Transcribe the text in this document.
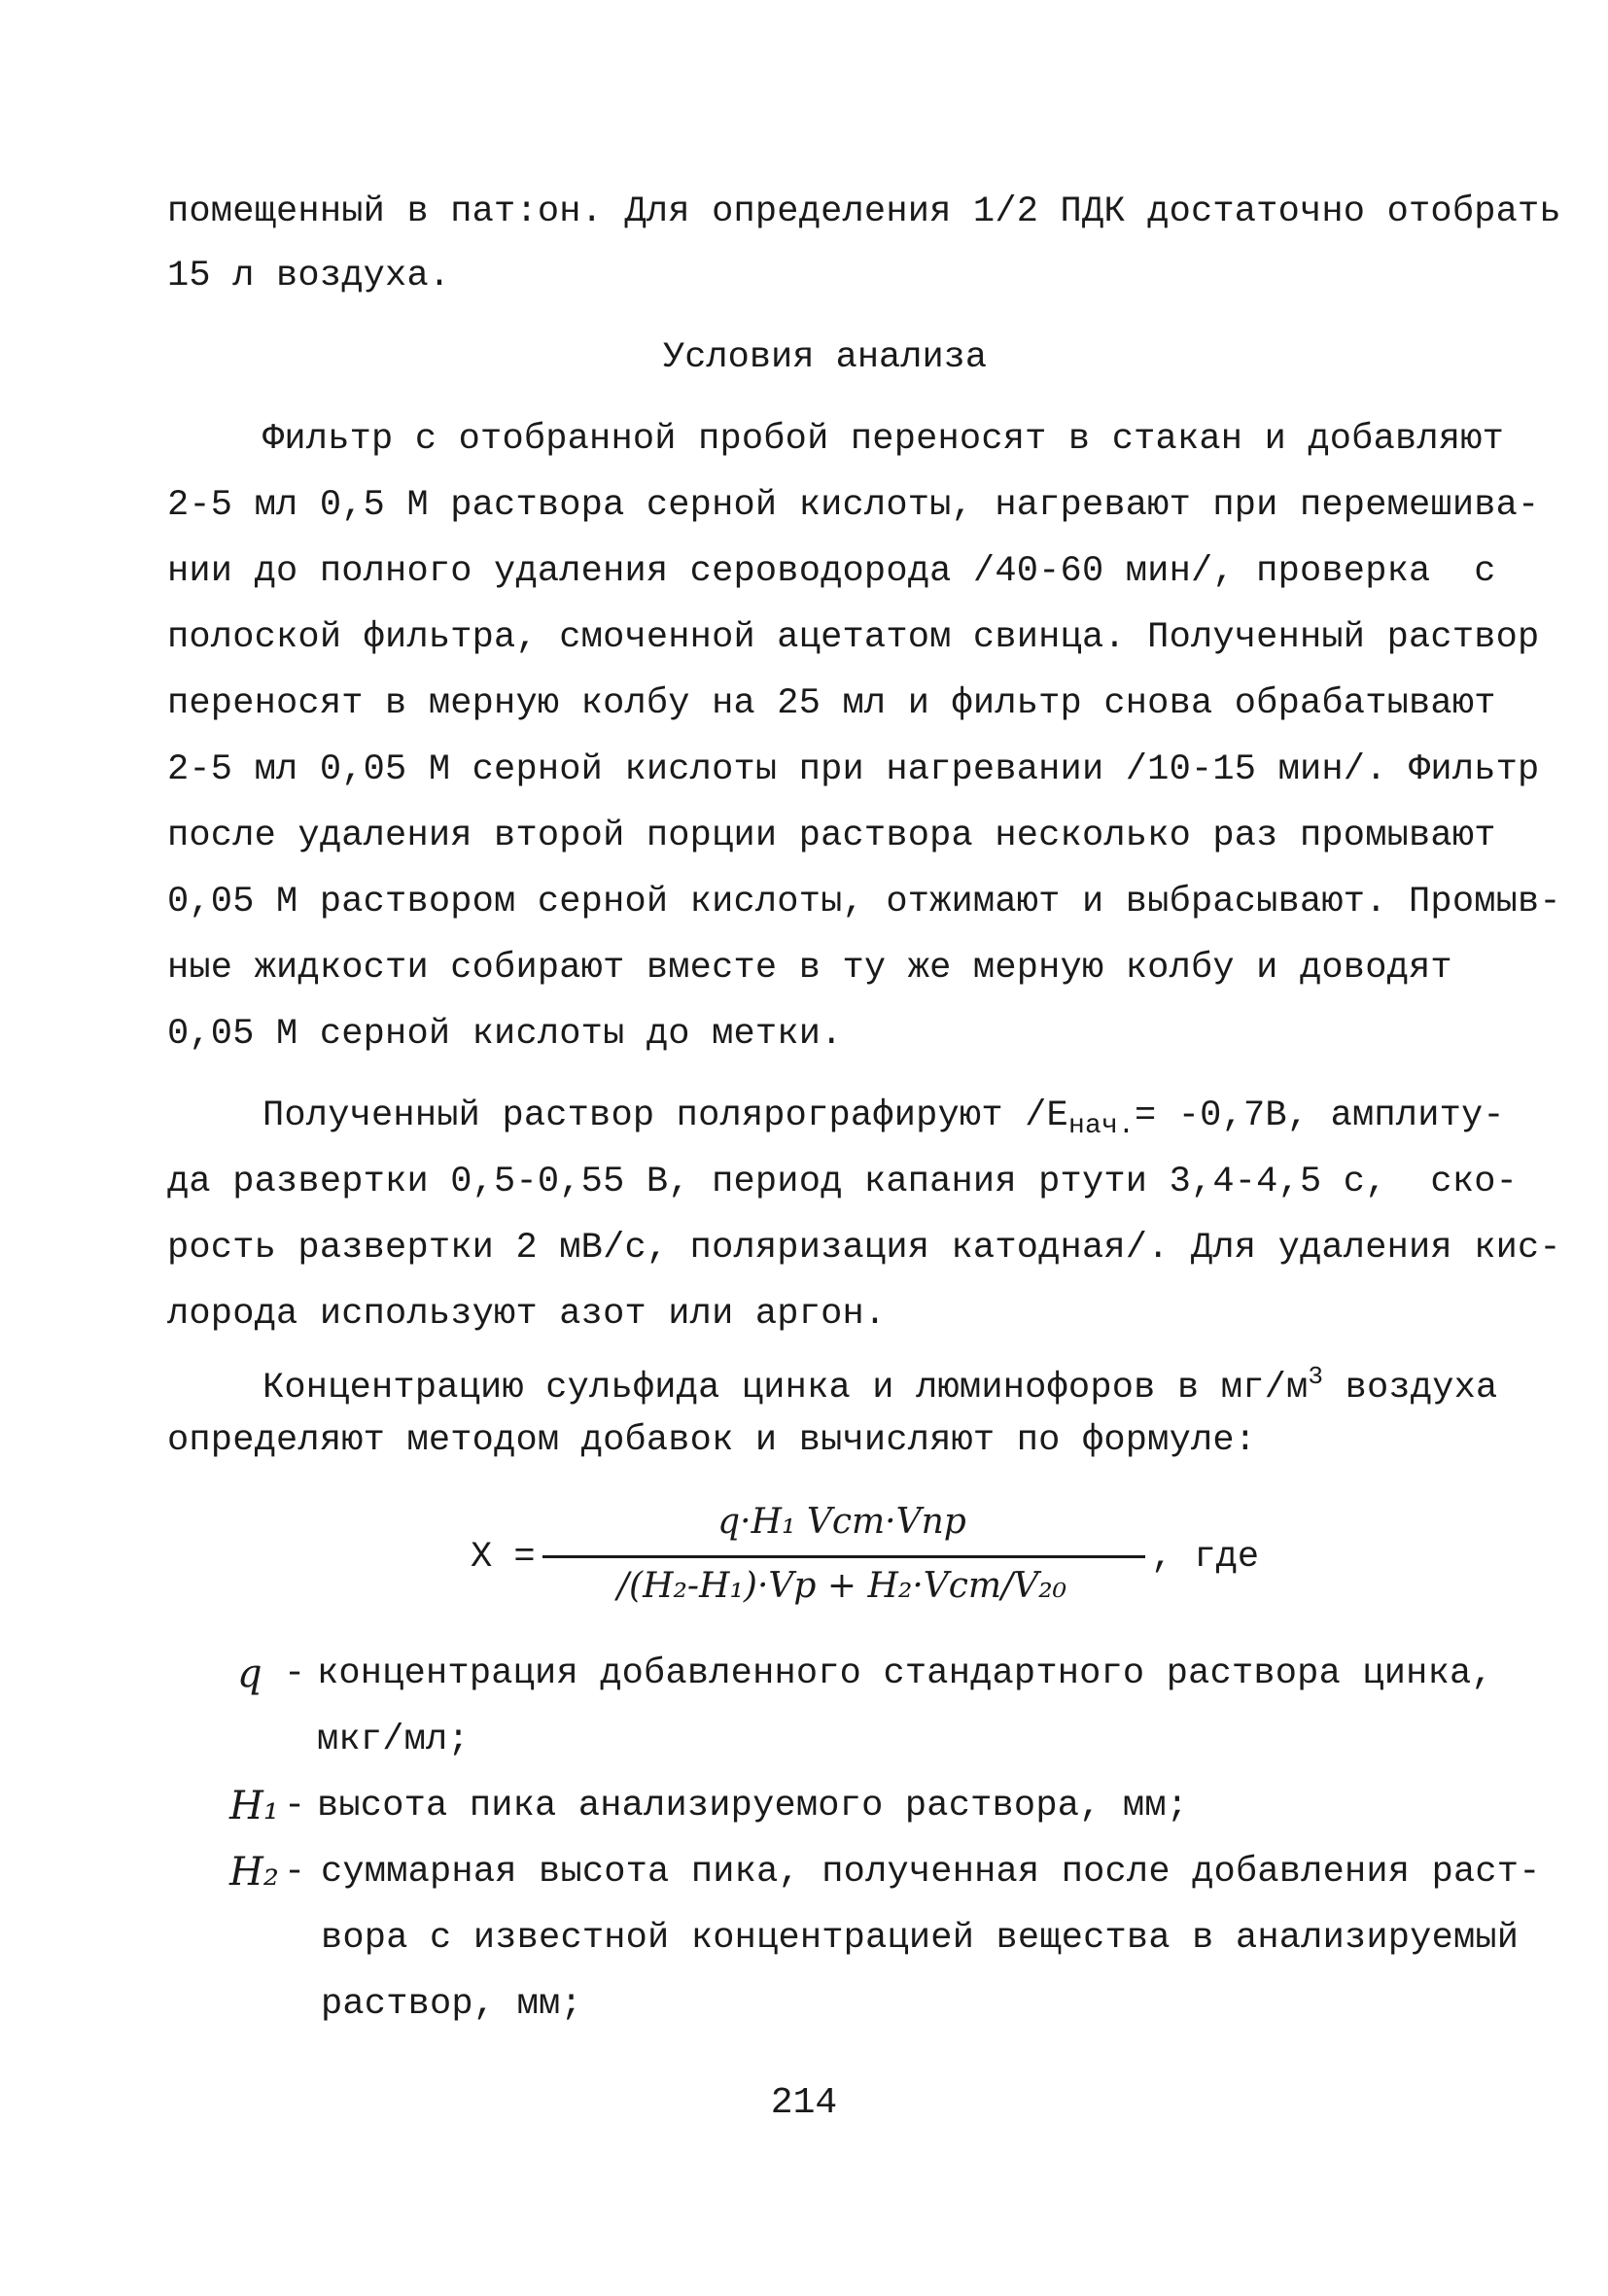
помещенный в пат:он. Для определения 1/2 ПДК достаточно отобрать
15 л воздуха.
Условия анализа
Фильтр с отобранной пробой переносят в стакан и добавляют
2-5 мл 0,5 М раствора серной кислоты, нагревают при перемешива-
нии до полного удаления сероводорода /40-60 мин/, проверка  с
полоской фильтра, смоченной ацетатом свинца. Полученный раствор
переносят в мерную колбу на 25 мл и фильтр снова обрабатывают
2-5 мл 0,05 М серной кислоты при нагревании /10-15 мин/. Фильтр
после удаления второй порции раствора несколько раз промывают
0,05 М раствором серной кислоты, отжимают и выбрасывают. Промыв-
ные жидкости собирают вместе в ту же мерную колбу и доводят
0,05 М серной кислоты до метки.
Полученный раствор полярографируют $/E_{нач.}= -0,7В$, амплиту-
да развертки 0,5-0,55 В, период капания ртути 3,4-4,5 с,  ско-
рость развертки 2 мВ/с, поляризация катодная/. Для удаления кис-
лорода используют азот или аргон.
Концентрацию сульфида цинка и люминофоров в $мг/м^3$ воздуха
определяют методом добавок и вычисляют по формуле:
X =
q·H₁ Vcm·Vnp
/(H₂-H₁)·Vp + H₂·Vcm/V₂₀
, где
q - концентрация добавленного стандартного раствора цинка,
мкг/мл;
H₁ - высота пика анализируемого раствора, мм;
H₂ - суммарная высота пика, полученная после добавления раст-
вора с известной концентрацией вещества в анализируемый
раствор, мм;
214
